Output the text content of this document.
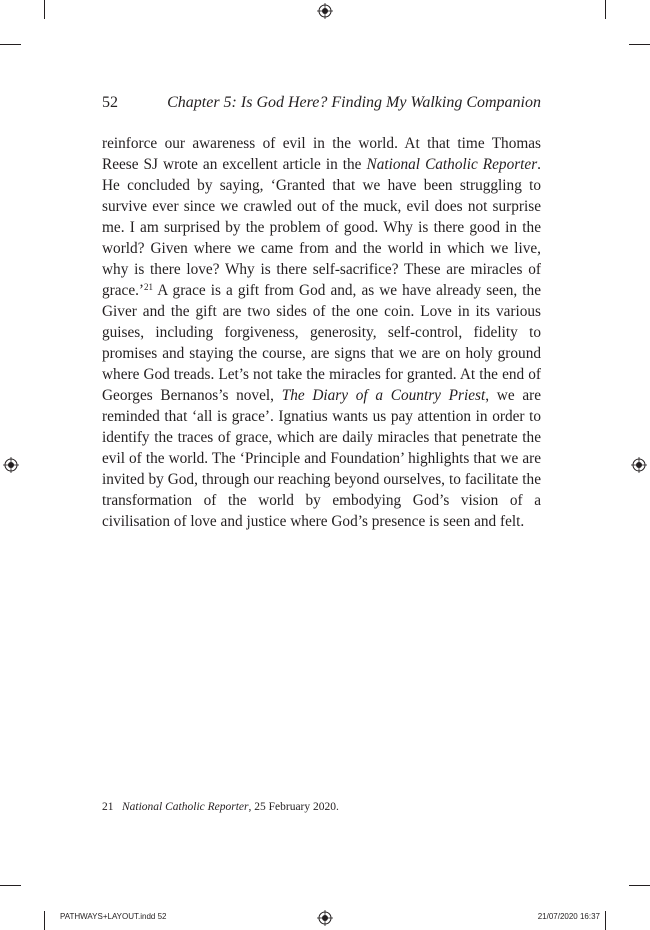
52	Chapter 5: Is God Here? Finding My Walking Companion

reinforce our awareness of evil in the world. At that time Thomas Reese SJ wrote an excellent article in the National Catholic Reporter. He concluded by saying, ‘Granted that we have been struggling to survive ever since we crawled out of the muck, evil does not surprise me. I am surprised by the problem of good. Why is there good in the world? Given where we came from and the world in which we live, why is there love? Why is there self-sacrifice? These are miracles of grace.’$^{21}$ A grace is a gift from God and, as we have already seen, the Giver and the gift are two sides of the one coin. Love in its various guises, including forgiveness, generosity, self-control, fidelity to promises and staying the course, are signs that we are on holy ground where God treads. Let’s not take the miracles for granted. At the end of Georges Bernanos’s novel, The Diary of a Country Priest, we are reminded that ‘all is grace’. Ignatius wants us pay attention in order to identify the traces of grace, which are daily miracles that penetrate the evil of the world. The ‘Principle and Foundation’ highlights that we are invited by God, through our reaching beyond ourselves, to facilitate the transformation of the world by embodying God’s vision of a civilisation of love and justice where God’s presence is seen and felt.

21 National Catholic Reporter, 25 February 2020.
PATHWAYS+LAYOUT.indd 52	21/07/2020 16:37
